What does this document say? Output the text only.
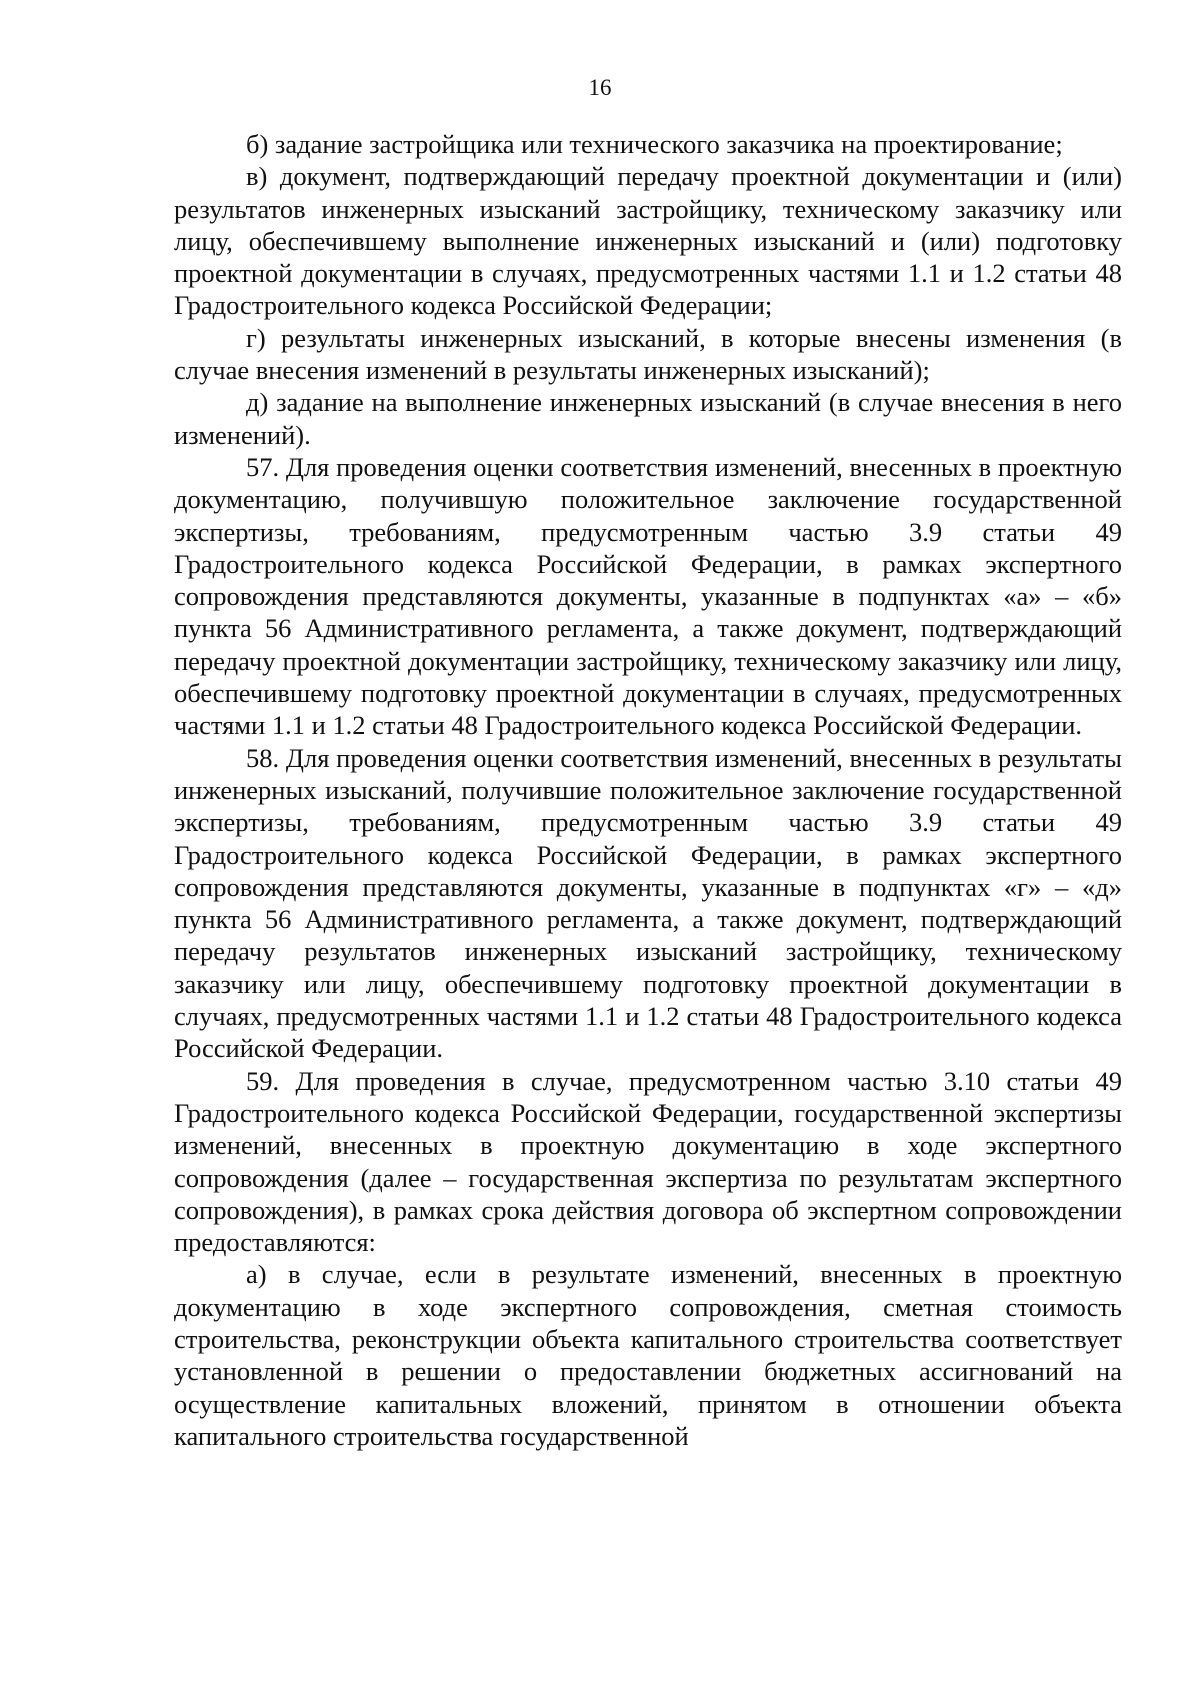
16

б) задание застройщика или технического заказчика на проектирование;

в) документ, подтверждающий передачу проектной документации и (или) результатов инженерных изысканий застройщику, техническому заказчику или лицу, обеспечившему выполнение инженерных изысканий и (или) подготовку проектной документации в случаях, предусмотренных частями 1.1 и 1.2 статьи 48 Градостроительного кодекса Российской Федерации;

г) результаты инженерных изысканий, в которые внесены изменения (в случае внесения изменений в результаты инженерных изысканий);

д) задание на выполнение инженерных изысканий (в случае внесения в него изменений).

57. Для проведения оценки соответствия изменений, внесенных в проектную документацию, получившую положительное заключение государственной экспертизы, требованиям, предусмотренным частью 3.9 статьи 49 Градостроительного кодекса Российской Федерации, в рамках экспертного сопровождения представляются документы, указанные в подпунктах «а» – «б» пункта 56 Административного регламента, а также документ, подтверждающий передачу проектной документации застройщику, техническому заказчику или лицу, обеспечившему подготовку проектной документации в случаях, предусмотренных частями 1.1 и 1.2 статьи 48 Градостроительного кодекса Российской Федерации.

58. Для проведения оценки соответствия изменений, внесенных в результаты инженерных изысканий, получившие положительное заключение государственной экспертизы, требованиям, предусмотренным частью 3.9 статьи 49 Градостроительного кодекса Российской Федерации, в рамках экспертного сопровождения представляются документы, указанные в подпунктах «г» – «д» пункта 56 Административного регламента, а также документ, подтверждающий передачу результатов инженерных изысканий застройщику, техническому заказчику или лицу, обеспечившему подготовку проектной документации в случаях, предусмотренных частями 1.1 и 1.2 статьи 48 Градостроительного кодекса Российской Федерации.

59. Для проведения в случае, предусмотренном частью 3.10 статьи 49 Градостроительного кодекса Российской Федерации, государственной экспертизы изменений, внесенных в проектную документацию в ходе экспертного сопровождения (далее – государственная экспертиза по результатам экспертного сопровождения), в рамках срока действия договора об экспертном сопровождении предоставляются:

а) в случае, если в результате изменений, внесенных в проектную документацию в ходе экспертного сопровождения, сметная стоимость строительства, реконструкции объекта капитального строительства соответствует установленной в решении о предоставлении бюджетных ассигнований на осуществление капитальных вложений, принятом в отношении объекта капитального строительства государственной
